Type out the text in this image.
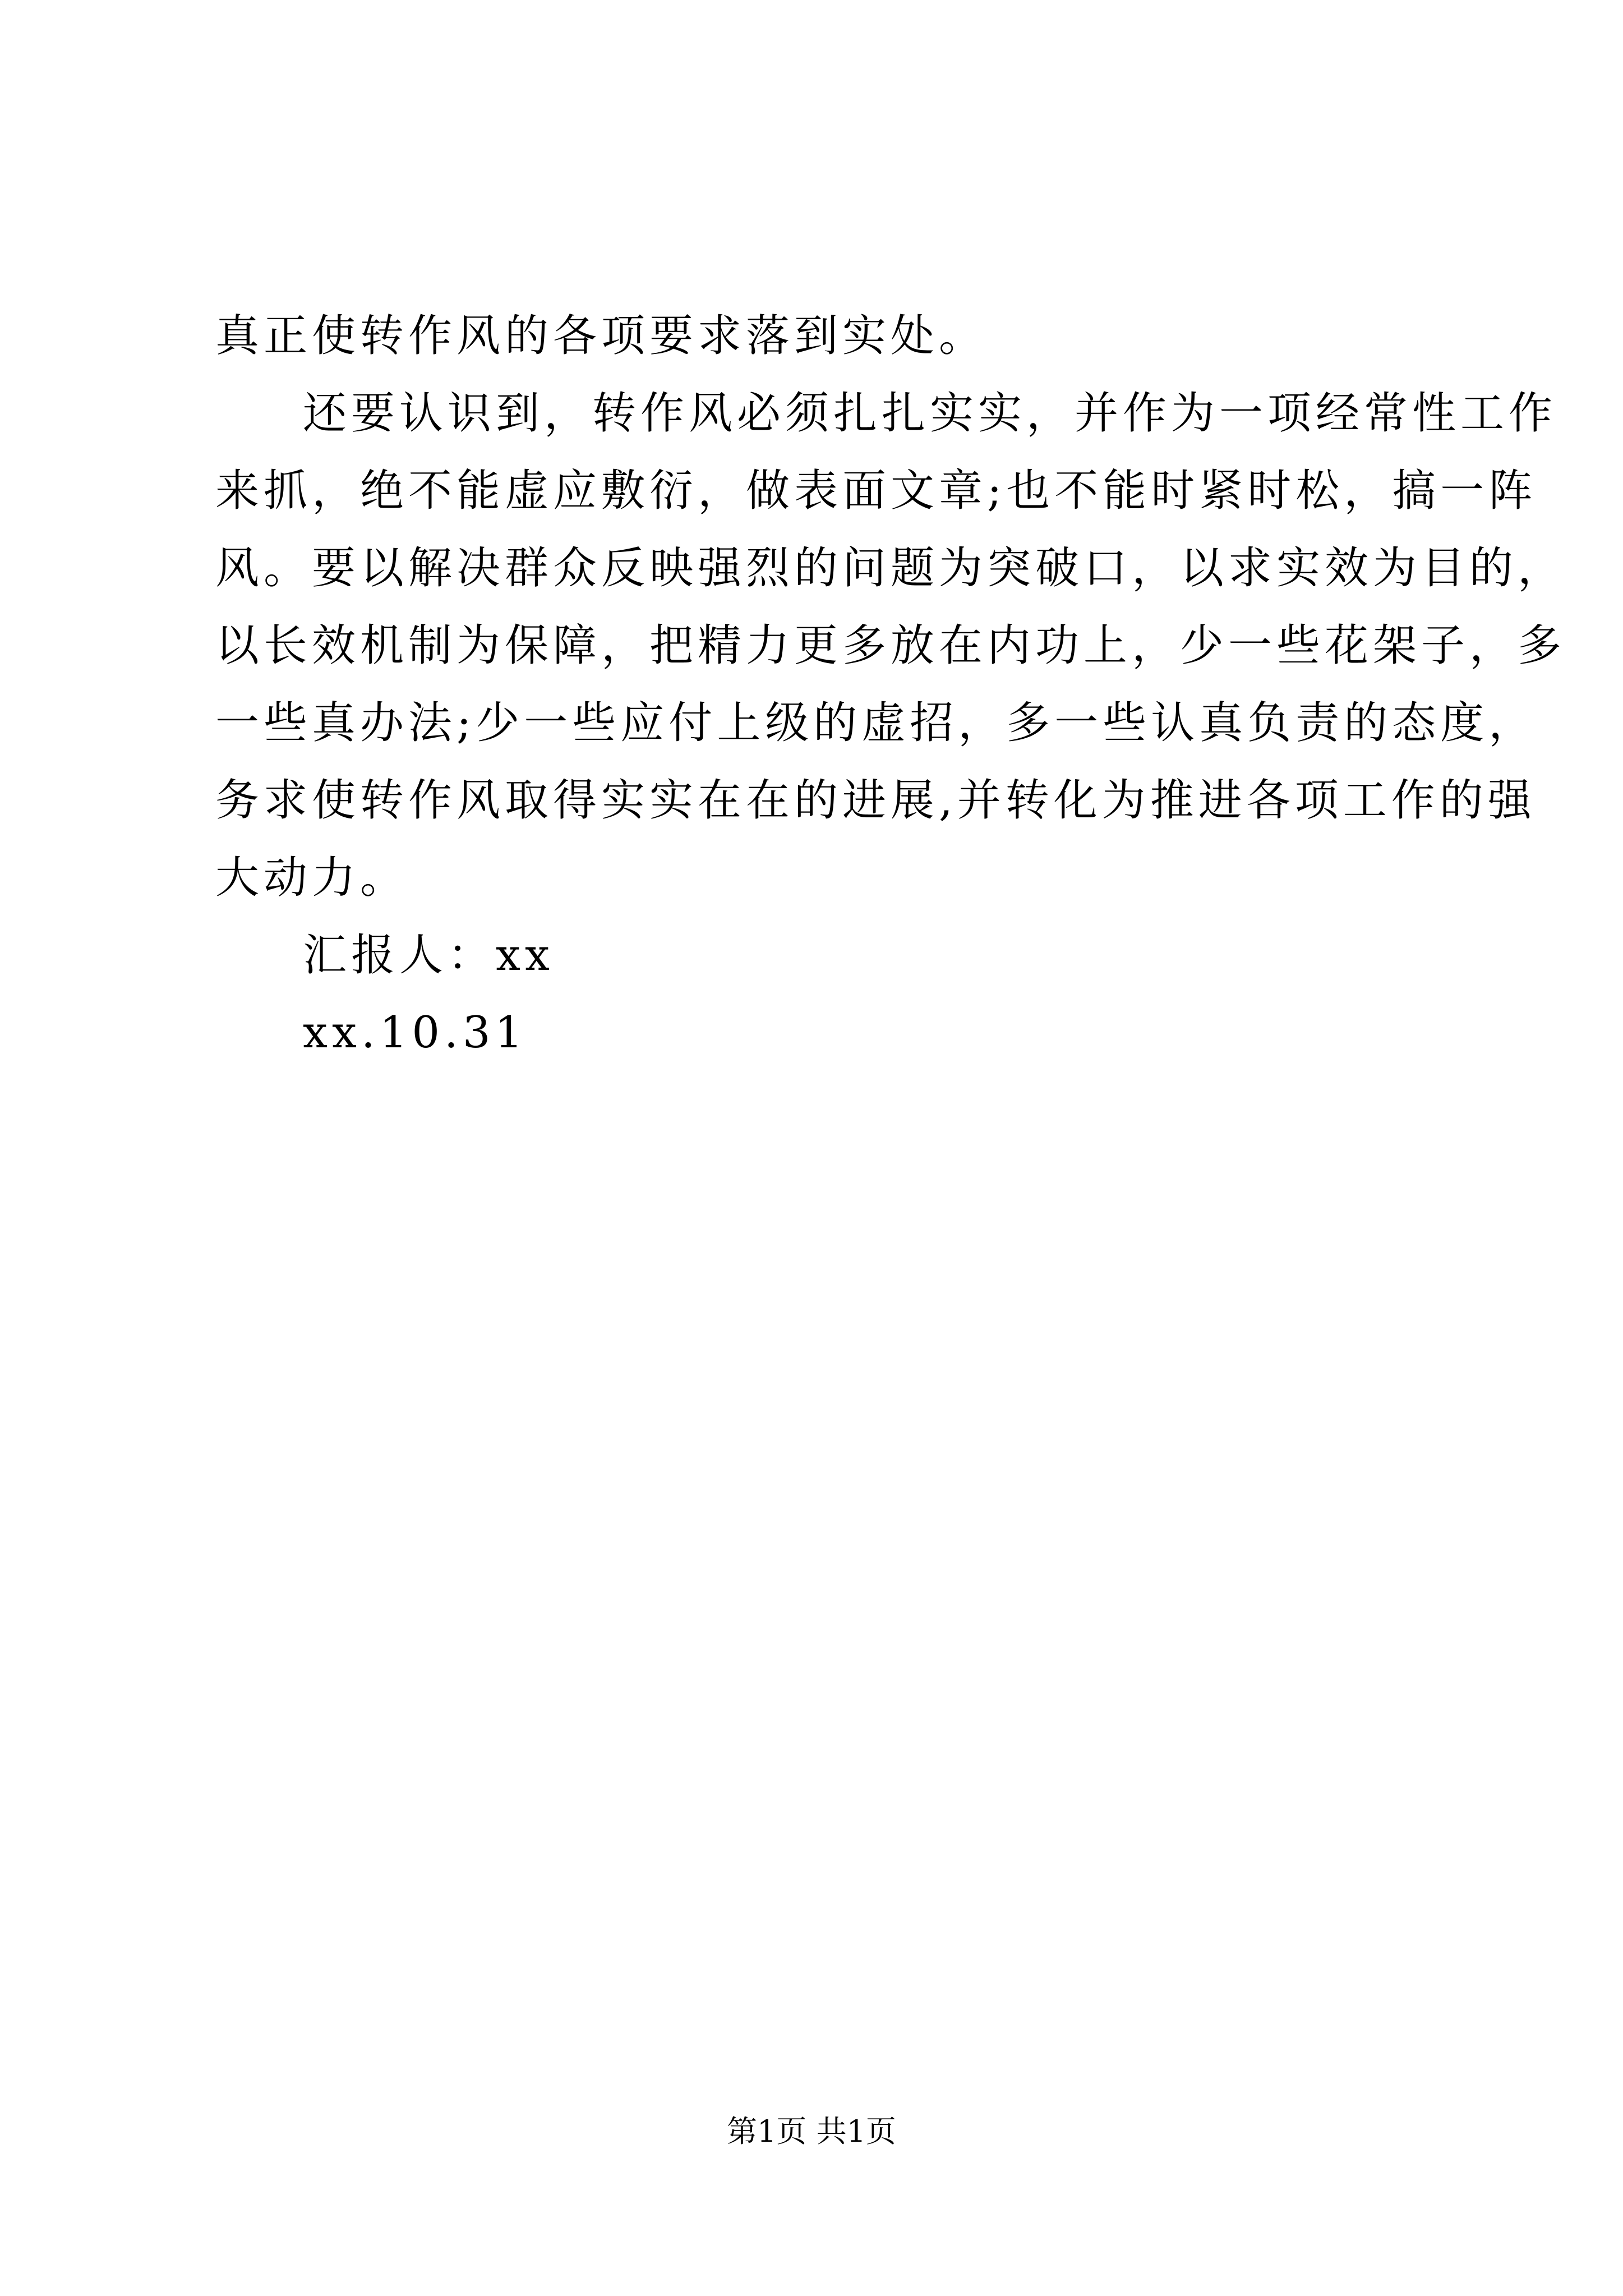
真正使转作风的各项要求落到实处。
还要认识到，转作风必须扎扎实实，并作为一项经常性工作
来抓，绝不能虚应敷衍，做表面文章;也不能时紧时松，搞一阵
风。要以解决群众反映强烈的问题为突破口，以求实效为目的，
以长效机制为保障，把精力更多放在内功上，少一些花架子，多
一些真办法;少一些应付上级的虚招，多一些认真负责的态度，
务求使转作风取得实实在在的进展,并转化为推进各项工作的强
大动力。
汇报人：xx
xx.10.31
第1页 共1页
